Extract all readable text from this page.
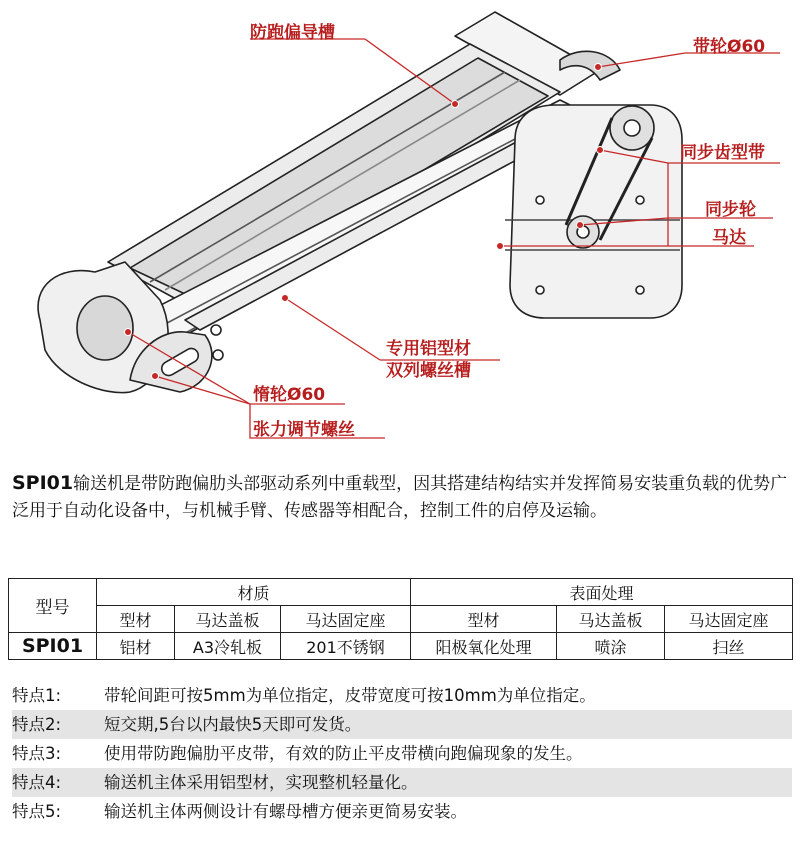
防跑偏导槽
带轮Ø60
同步齿型带
同步轮
马达
专用铝型材
双列螺丝槽
惰轮Ø60
张力调节螺丝

SPI01输送机是带防跑偏肋头部驱动系列中重载型，因其搭建结构结实并发挥简易安装重负载的优势广泛用于自动化设备中，与机械手臂、传感器等相配合，控制工件的启停及运输。

型号	材质			表面处理		
	型材	马达盖板	马达固定座	型材	马达盖板	马达固定座
SPI01	铝材	A3冷轧板	201不锈钢	阳极氧化处理	喷涂	扫丝
特点1:	带轮间距可按5mm为单位指定，皮带宽度可按10mm为单位指定。
特点2:	短交期,5台以内最快5天即可发货。
特点3:	使用带防跑偏肋平皮带，有效的防止平皮带横向跑偏现象的发生。
特点4:	输送机主体采用铝型材，实现整机轻量化。
特点5:	输送机主体两侧设计有螺母槽方便亲更简易安装。
